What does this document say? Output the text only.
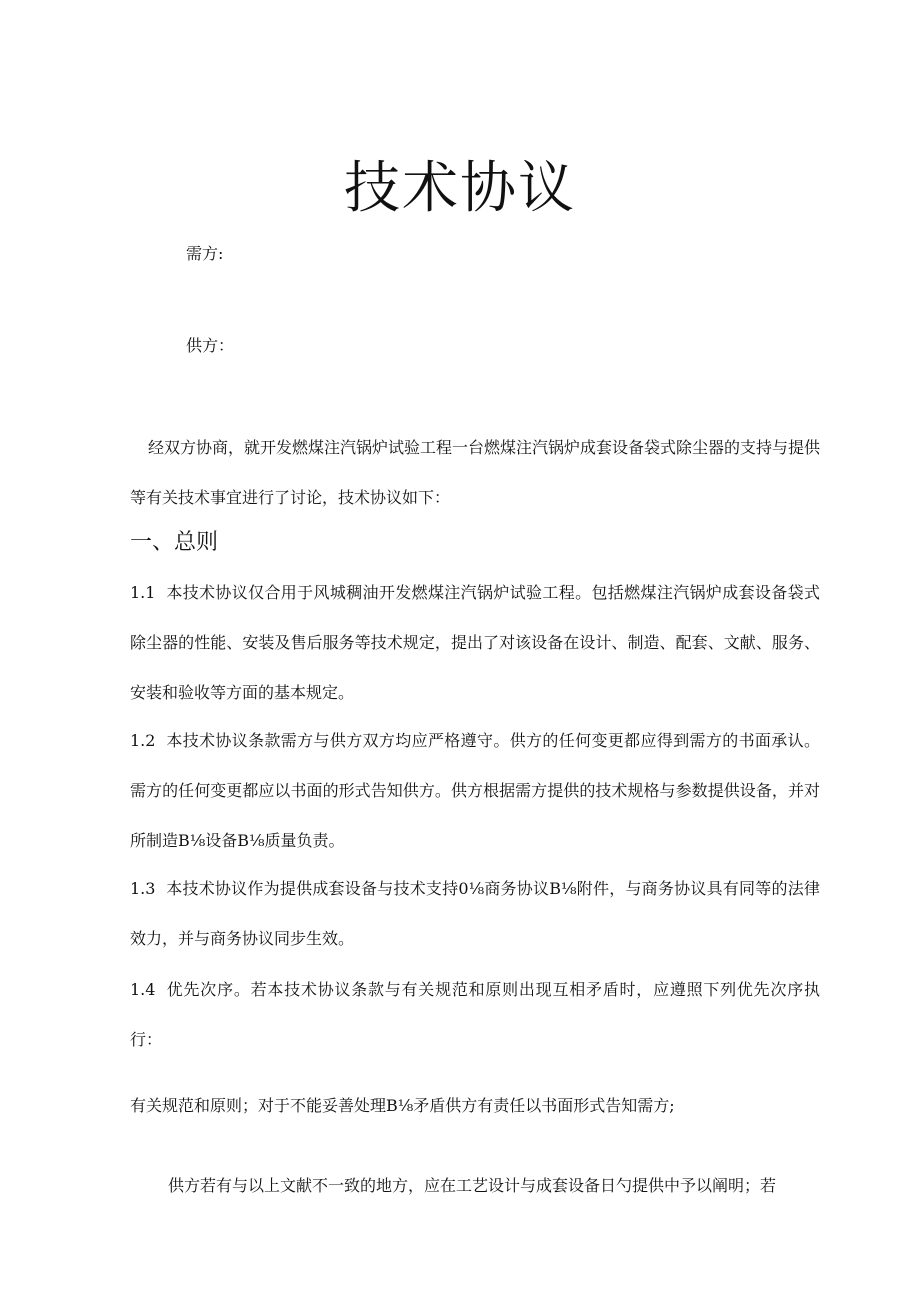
技术协议
需方:
供方：

经双方协商，就开发燃煤注汽锅炉试验工程一台燃煤注汽锅炉成套设备袋式除尘器的支持与提供等有关技术事宜进行了讨论，技术协议如下：

一、总则

1.1 本技术协议仅合用于风城稠油开发燃煤注汽锅炉试验工程。包括燃煤注汽锅炉成套设备袋式除尘器的性能、安装及售后服务等技术规定，提出了对该设备在设计、制造、配套、文献、服务、安装和验收等方面的基本规定。

1.2 本技术协议条款需方与供方双方均应严格遵守。供方的任何变更都应得到需方的书面承认。需方的任何变更都应以书面的形式告知供方。供方根据需方提供的技术规格与参数提供设备，并对所制造B⅛设备B⅛质量负责。

1.3 本技术协议作为提供成套设备与技术支持0⅛商务协议B⅛附件，与商务协议具有同等的法律效力，并与商务协议同步生效。

1.4 优先次序。若本技术协议条款与有关规范和原则出现互相矛盾时，应遵照下列优先次序执行：

有关规范和原则；对于不能妥善处理B⅛矛盾供方有责任以书面形式告知需方;

供方若有与以上文献不一致的地方，应在工艺设计与成套设备日勺提供中予以阐明；若
